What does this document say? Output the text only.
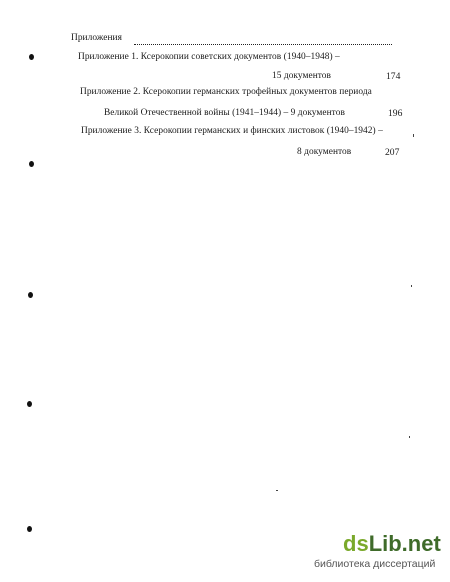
Приложения
Приложение 1. Ксерокопии советских документов (1940–1948) –
15 документов	174
Приложение 2. Ксерокопии германских трофейных документов периода
Великой Отечественной войны (1941–1944) – 9 документов	196
Приложение 3. Ксерокопии германских и финских листовок (1940–1942) –
8 документов	207
dsLib.net
библиотека диссертаций
